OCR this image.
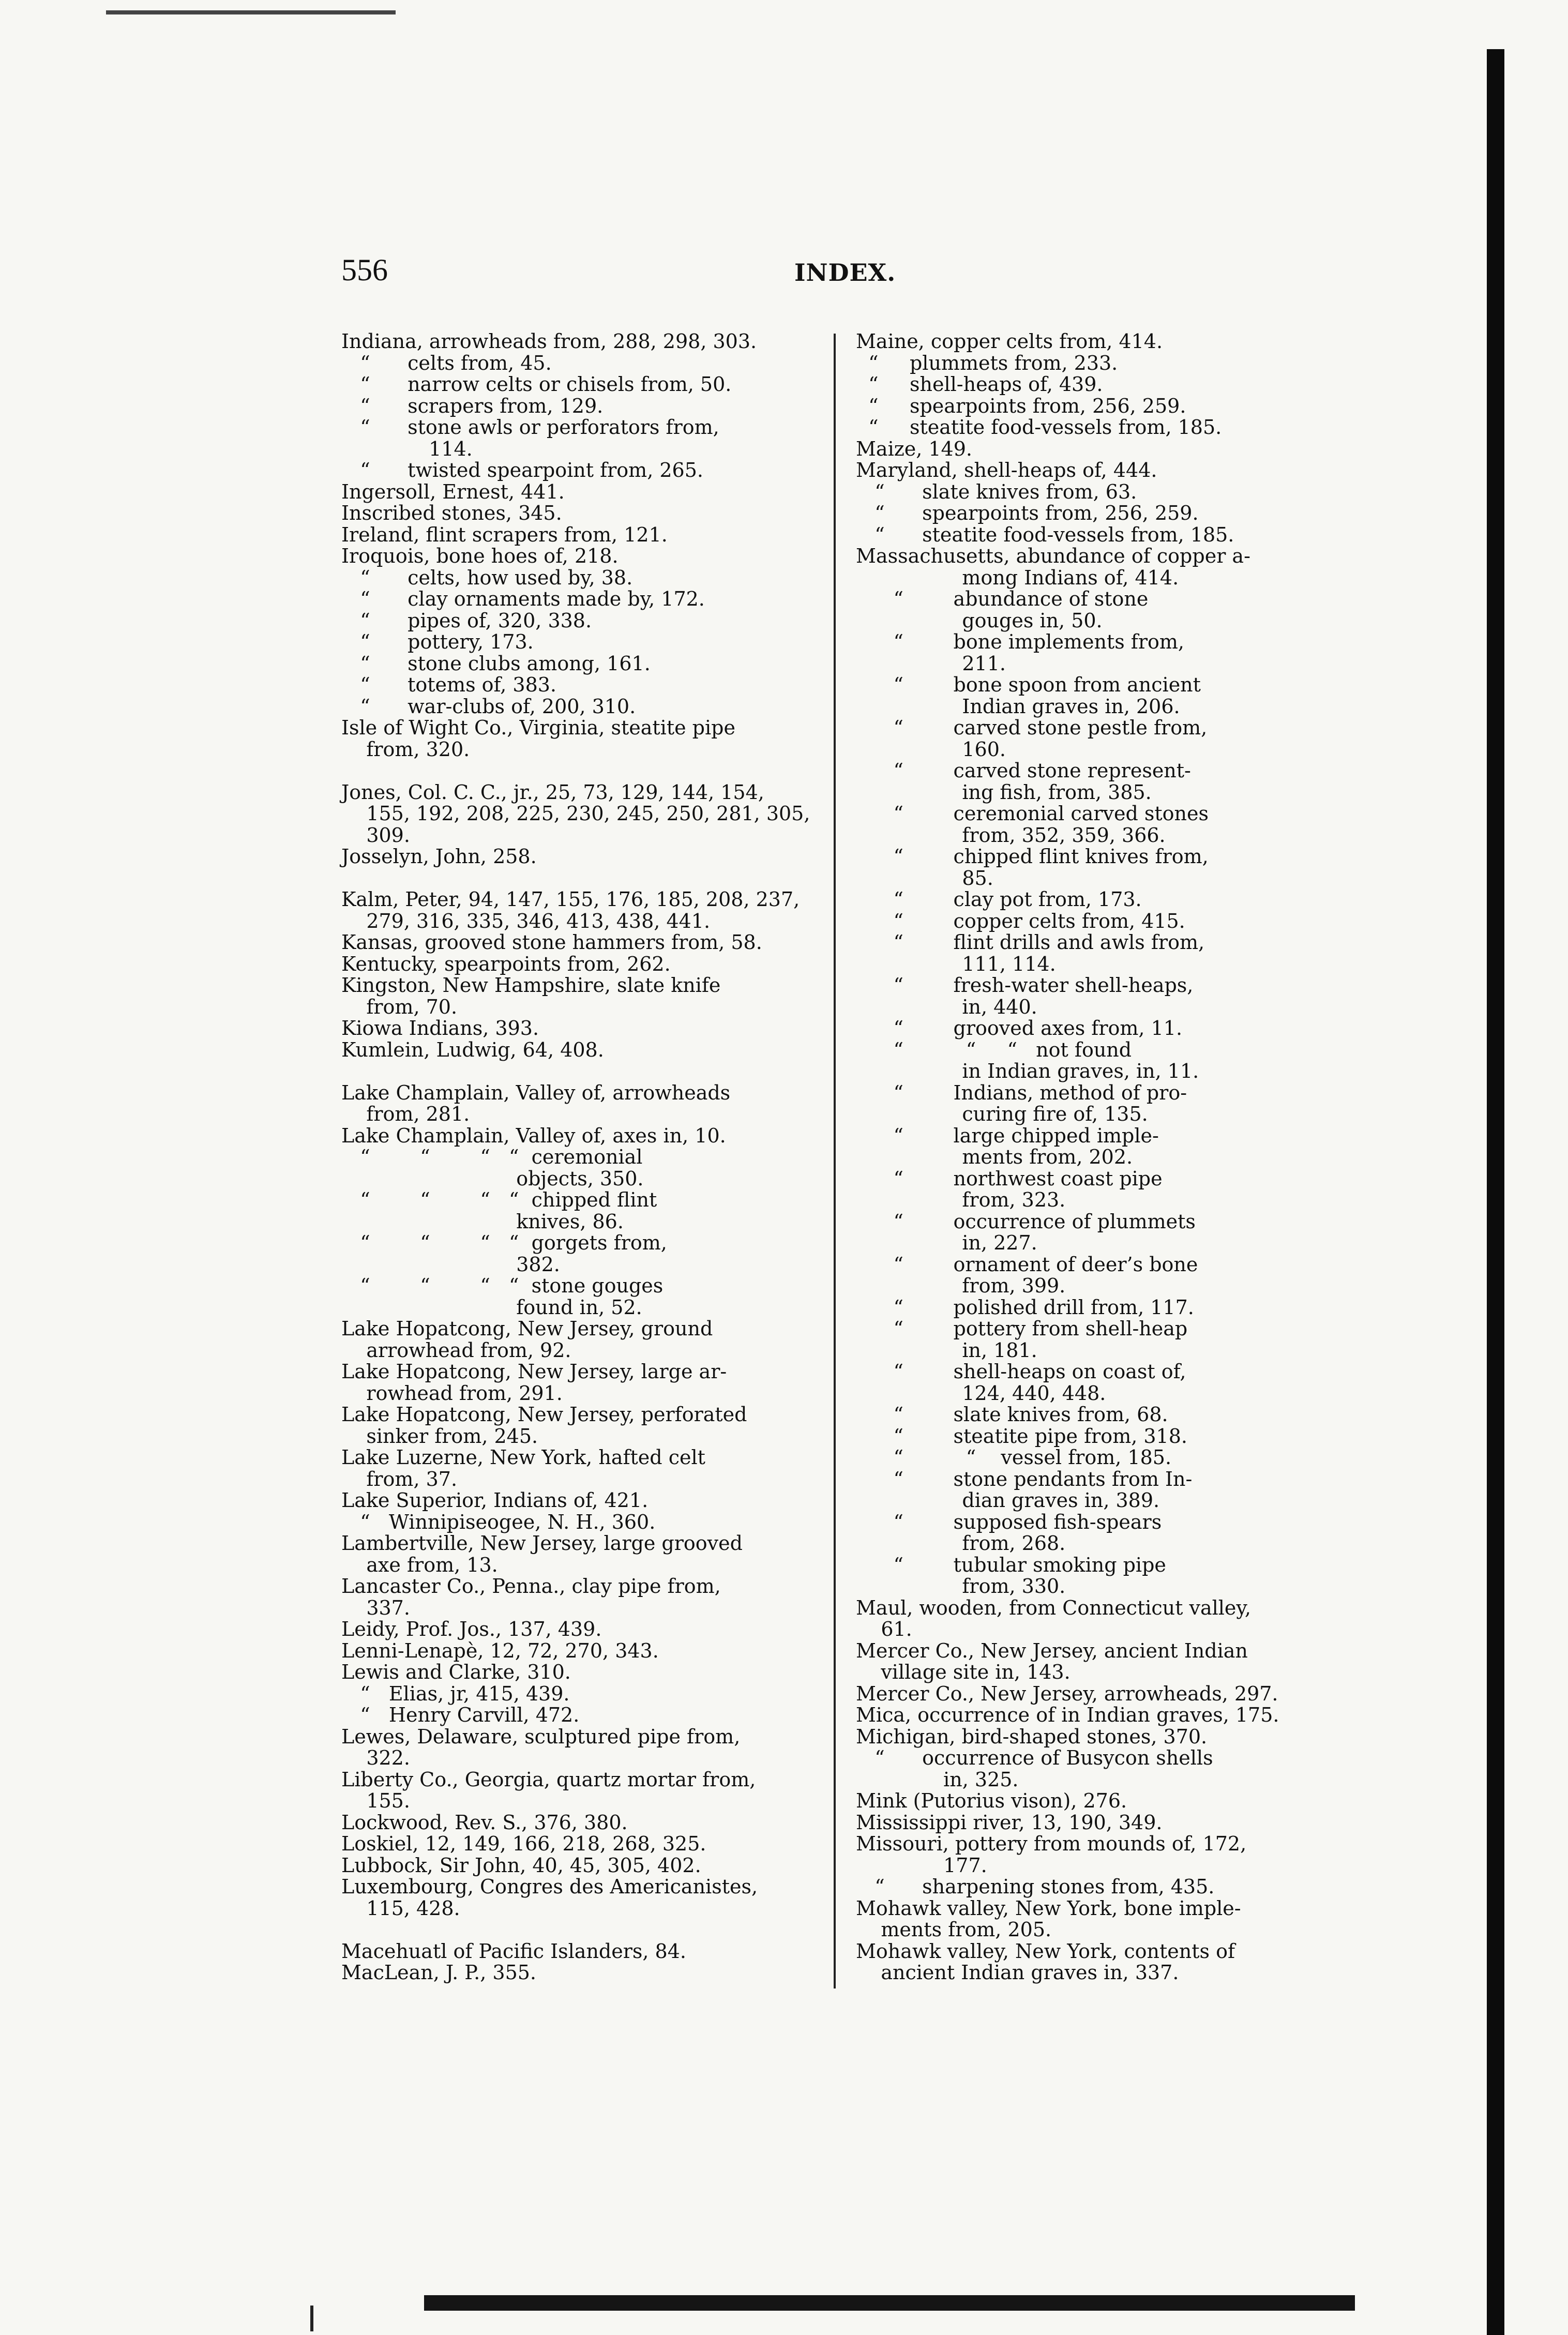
556	INDEX.
Indiana, arrowheads from, 288, 298, 303.
“      celts from, 45.
“      narrow celts or chisels from, 50.
“      scrapers from, 129.
“      stone awls or perforators from,
114.
“      twisted spearpoint from, 265.
Ingersoll, Ernest, 441.
Inscribed stones, 345.
Ireland, flint scrapers from, 121.
Iroquois, bone hoes of, 218.
“      celts, how used by, 38.
“      clay ornaments made by, 172.
“      pipes of, 320, 338.
“      pottery, 173.
“      stone clubs among, 161.
“      totems of, 383.
“      war-clubs of, 200, 310.
Isle of Wight Co., Virginia, steatite pipe
from, 320.
Jones, Col. C. C., jr., 25, 73, 129, 144, 154,
155, 192, 208, 225, 230, 245, 250, 281, 305,
309.
Josselyn, John, 258.
Kalm, Peter, 94, 147, 155, 176, 185, 208, 237,
279, 316, 335, 346, 413, 438, 441.
Kansas, grooved stone hammers from, 58.
Kentucky, spearpoints from, 262.
Kingston, New Hampshire, slate knife
from, 70.
Kiowa Indians, 393.
Kumlein, Ludwig, 64, 408.
Lake Champlain, Valley of, arrowheads
from, 281.
Lake Champlain, Valley of, axes in, 10.
“        “        “   “  ceremonial
objects, 350.
“        “        “   “  chipped flint
knives, 86.
“        “        “   “  gorgets from,
382.
“        “        “   “  stone gouges
found in, 52.
Lake Hopatcong, New Jersey, ground
arrowhead from, 92.
Lake Hopatcong, New Jersey, large ar-
rowhead from, 291.
Lake Hopatcong, New Jersey, perforated
sinker from, 245.
Lake Luzerne, New York, hafted celt
from, 37.
Lake Superior, Indians of, 421.
“   Winnipiseogee, N. H., 360.
Lambertville, New Jersey, large grooved
axe from, 13.
Lancaster Co., Penna., clay pipe from,
337.
Leidy, Prof. Jos., 137, 439.
Lenni-Lenapè, 12, 72, 270, 343.
Lewis and Clarke, 310.
“   Elias, jr, 415, 439.
“   Henry Carvill, 472.
Lewes, Delaware, sculptured pipe from,
322.
Liberty Co., Georgia, quartz mortar from,
155.
Lockwood, Rev. S., 376, 380.
Loskiel, 12, 149, 166, 218, 268, 325.
Lubbock, Sir John, 40, 45, 305, 402.
Luxembourg, Congres des Americanistes,
115, 428.
Macehuatl of Pacific Islanders, 84.
MacLean, J. P., 355.
Maine, copper celts from, 414.
“     plummets from, 233.
“     shell-heaps of, 439.
“     spearpoints from, 256, 259.
“     steatite food-vessels from, 185.
Maize, 149.
Maryland, shell-heaps of, 444.
“      slate knives from, 63.
“      spearpoints from, 256, 259.
“      steatite food-vessels from, 185.
Massachusetts, abundance of copper a-
mong Indians of, 414.
“        abundance of stone
gouges in, 50.
“        bone implements from,
211.
“        bone spoon from ancient
Indian graves in, 206.
“        carved stone pestle from,
160.
“        carved stone represent-
ing fish, from, 385.
“        ceremonial carved stones
from, 352, 359, 366.
“        chipped flint knives from,
85.
“        clay pot from, 173.
“        copper celts from, 415.
“        flint drills and awls from,
111, 114.
“        fresh-water shell-heaps,
in, 440.
“        grooved axes from, 11.
“          “     “   not found
in Indian graves, in, 11.
“        Indians, method of pro-
curing fire of, 135.
“        large chipped imple-
ments from, 202.
“        northwest coast pipe
from, 323.
“        occurrence of plummets
in, 227.
“        ornament of deer’s bone
from, 399.
“        polished drill from, 117.
“        pottery from shell-heap
in, 181.
“        shell-heaps on coast of,
124, 440, 448.
“        slate knives from, 68.
“        steatite pipe from, 318.
“          “    vessel from, 185.
“        stone pendants from In-
dian graves in, 389.
“        supposed fish-spears
from, 268.
“        tubular smoking pipe
from, 330.
Maul, wooden, from Connecticut valley,
61.
Mercer Co., New Jersey, ancient Indian
village site in, 143.
Mercer Co., New Jersey, arrowheads, 297.
Mica, occurrence of in Indian graves, 175.
Michigan, bird-shaped stones, 370.
“      occurrence of Busycon shells
in, 325.
Mink (Putorius vison), 276.
Mississippi river, 13, 190, 349.
Missouri, pottery from mounds of, 172,
177.
“      sharpening stones from, 435.
Mohawk valley, New York, bone imple-
ments from, 205.
Mohawk valley, New York, contents of
ancient Indian graves in, 337.
